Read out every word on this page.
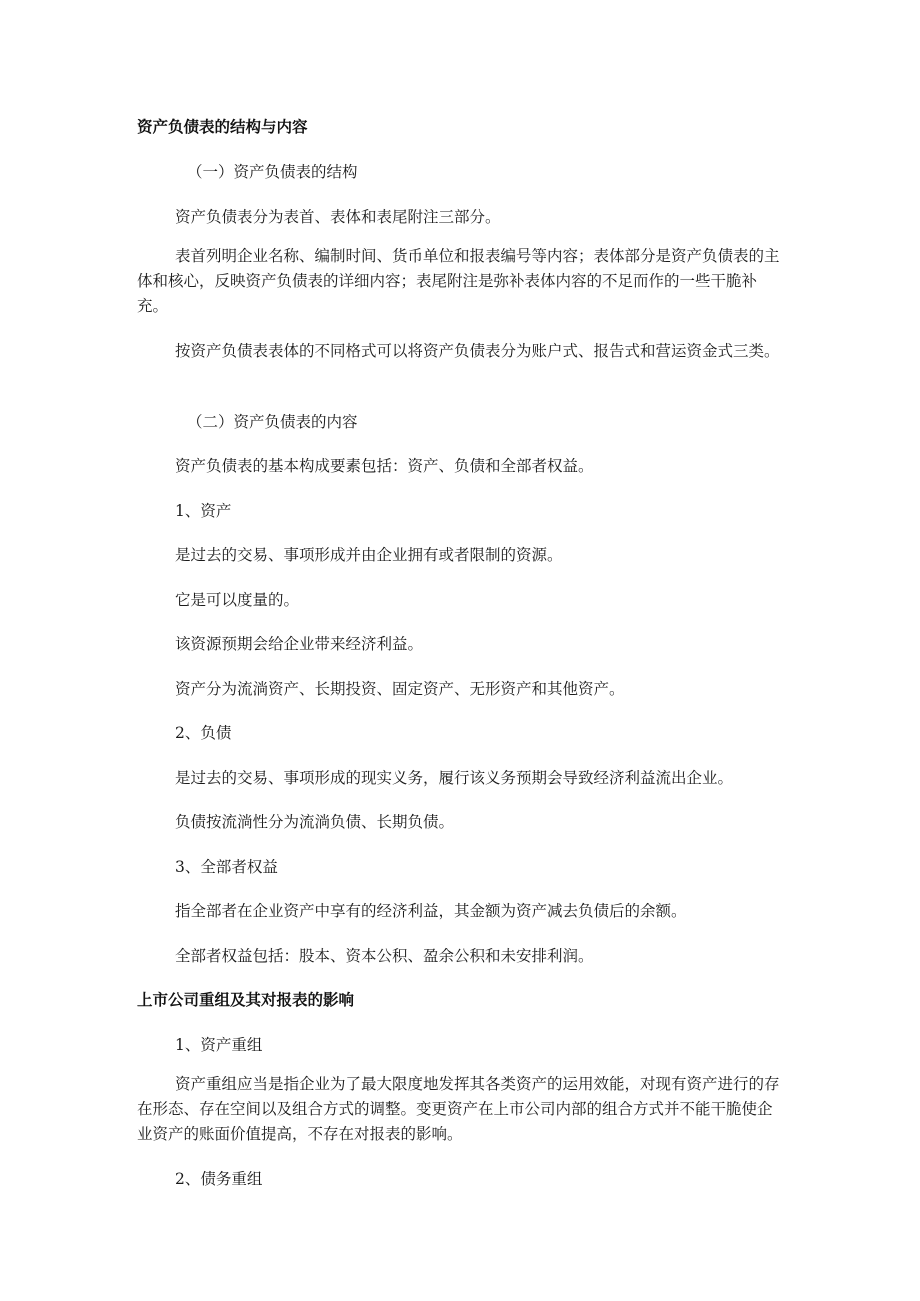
资产负债表的结构与内容

（一）资产负债表的结构

资产负债表分为表首、表体和表尾附注三部分。

表首列明企业名称、编制时间、货币单位和报表编号等内容；表体部分是资产负债表的主体和核心，反映资产负债表的详细内容；表尾附注是弥补表体内容的不足而作的一些干脆补充。

按资产负债表表体的不同格式可以将资产负债表分为账户式、报告式和营运资金式三类。

（二）资产负债表的内容

资产负债表的基本构成要素包括：资产、负债和全部者权益。

1、资产

是过去的交易、事项形成并由企业拥有或者限制的资源。

它是可以度量的。

该资源预期会给企业带来经济利益。

资产分为流淌资产、长期投资、固定资产、无形资产和其他资产。

2、负债

是过去的交易、事项形成的现实义务，履行该义务预期会导致经济利益流出企业。

负债按流淌性分为流淌负债、长期负债。

3、全部者权益

指全部者在企业资产中享有的经济利益，其金额为资产减去负债后的余额。

全部者权益包括：股本、资本公积、盈余公积和未安排利润。

上市公司重组及其对报表的影响

1、资产重组

资产重组应当是指企业为了最大限度地发挥其各类资产的运用效能，对现有资产进行的存在形态、存在空间以及组合方式的调整。变更资产在上市公司内部的组合方式并不能干脆使企业资产的账面价值提高，不存在对报表的影响。

2、债务重组
